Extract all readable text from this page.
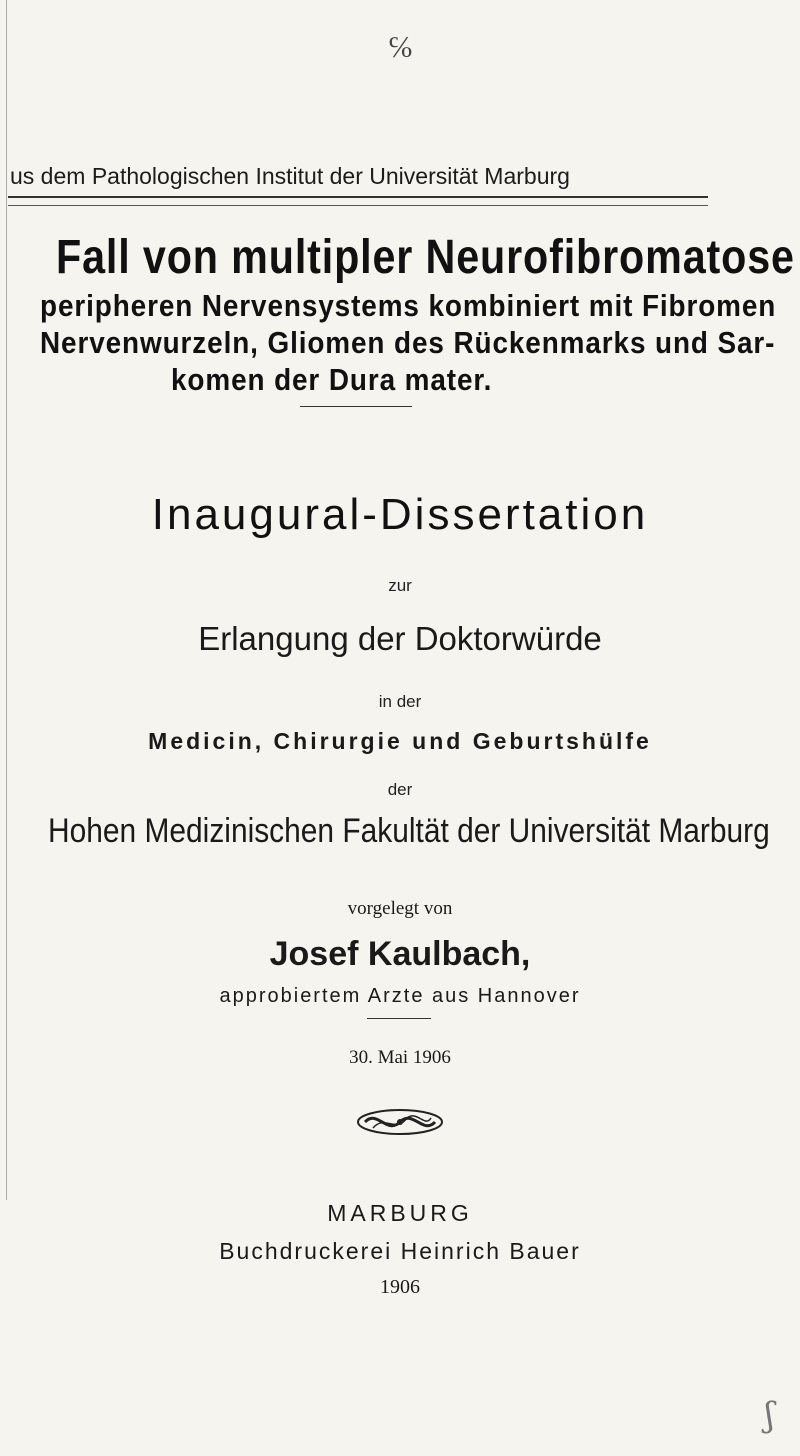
℅
ʃ
us dem Pathologischen Institut der Universität Marburg
Fall von multipler Neurofibromatose
peripheren Nervensystems kombiniert mit Fibromen
Nervenwurzeln, Gliomen des Rückenmarks und Sar-
komen der Dura mater.
Inaugural-Dissertation
zur
Erlangung der Doktorwürde
in der
Medicin, Chirurgie und Geburtshülfe
der
Hohen Medizinischen Fakultät der Universität Marburg
vorgelegt von
Josef Kaulbach,
approbiertem Arzte aus Hannover
30. Mai 1906
MARBURG
Buchdruckerei Heinrich Bauer
1906
